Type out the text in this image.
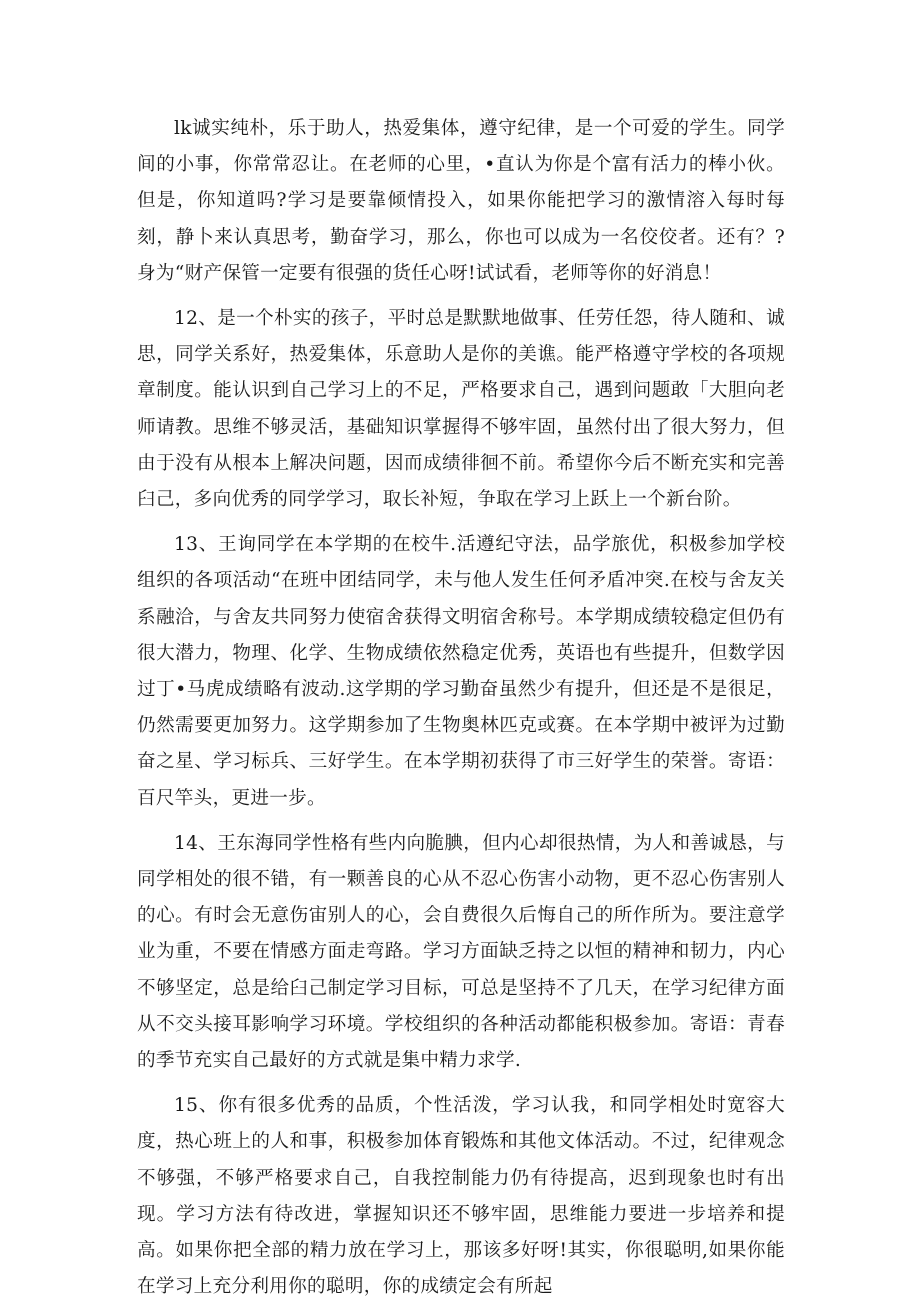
lk诚实纯朴，乐于助人，热爱集体，遵守纪律，是一个可爱的学生。同学间的小事，你常常忍让。在老师的心里，•直认为你是个富有活力的棒小伙。但是，你知道吗?学习是要靠倾情投入，如果你能把学习的激情溶入每时每刻，静卜来认真思考，勤奋学习，那么，你也可以成为一名佼佼者。还有？?身为“财产保管一定要有很强的货任心呀!试试看，老师等你的好消息！

12、是一个朴实的孩子，平时总是默默地做事、任劳任怨，待人随和、诚思，同学关系好，热爱集体，乐意助人是你的美谯。能严格遵守学校的各项规章制度。能认识到自己学习上的不足，严格要求自己，遇到问题敢「大胆向老师请教。思维不够灵活，基础知识掌握得不够牢固，虽然付出了很大努力，但由于没有从根本上解决问题，因而成绩徘徊不前。希望你今后不断充实和完善臼己，多向优秀的同学学习，取长补短，争取在学习上跃上一个新台阶。

13、王询同学在本学期的在校牛.活遵纪守法，品学旅优，积极参加学校组织的各项活动“在班中团结同学，未与他人发生任何矛盾冲突.在校与舍友关系融洽，与舍友共同努力使宿舍获得文明宿舍称号。本学期成绩较稳定但仍有很大潜力，物理、化学、生物成绩依然稳定优秀，英语也有些提升，但数学因过丁•马虎成绩略有波动.这学期的学习勤奋虽然少有提升，但还是不是很足，仍然需要更加努力。这学期参加了生物奥林匹克或赛。在本学期中被评为过勤奋之星、学习标兵、三好学生。在本学期初获得了市三好学生的荣誉。寄语：百尺竿头，更进一步。

14、王东海同学性格有些内向脆腆，但内心却很热情，为人和善诚恳，与同学相处的很不错，有一颗善良的心从不忍心伤害小动物，更不忍心伤害别人的心。有时会无意伤宙别人的心，会自费很久后悔自己的所作所为。要注意学业为重，不要在情感方面走弯路。学习方面缺乏持之以恒的精神和韧力，内心不够坚定，总是给臼己制定学习目标，可总是坚持不了几天，在学习纪律方面从不交头接耳影响学习环境。学校组织的各种活动都能积极参加。寄语：青春的季节充实自己最好的方式就是集中精力求学.

15、你有很多优秀的品质，个性活泼，学习认我，和同学相处时宽容大度，热心班上的人和事，积极参加体育锻炼和其他文体活动。不过，纪律观念不够强，不够严格要求自己，自我控制能力仍有待提高，迟到现象也时有出现。学习方法有待改进，掌握知识还不够牢固，思维能力要进一步培养和提高。如果你把全部的精力放在学习上，那该多好呀!其实，你很聪明,如果你能在学习上充分利用你的聪明，你的成绩定会有所起
